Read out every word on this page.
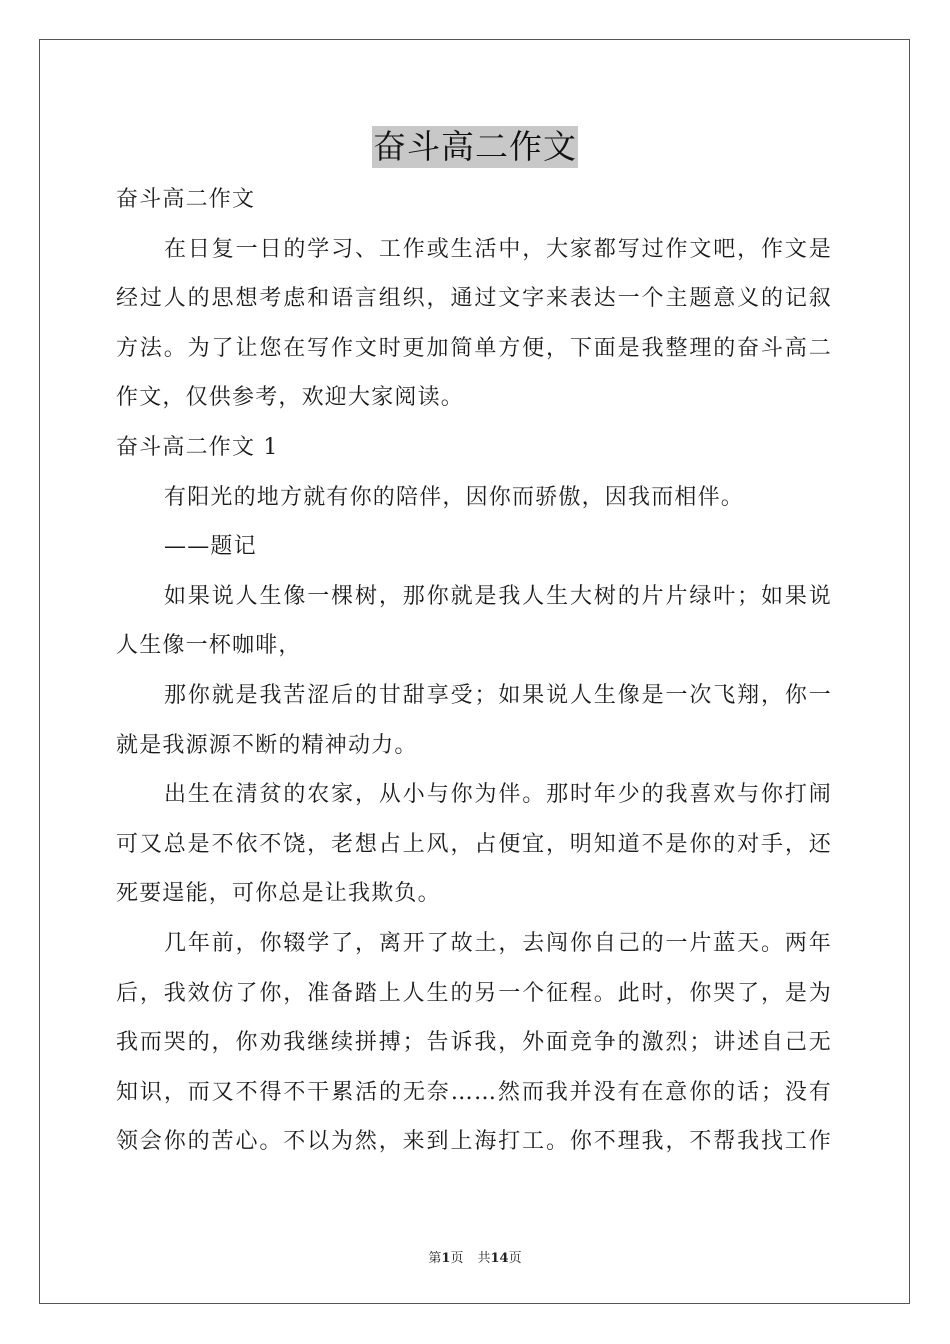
奋斗高二作文
奋斗高二作文
在日复一日的学习、工作或生活中，大家都写过作文吧，作文是
经过人的思想考虑和语言组织，通过文字来表达一个主题意义的记叙
方法。为了让您在写作文时更加简单方便，下面是我整理的奋斗高二
作文，仅供参考，欢迎大家阅读。
奋斗高二作文 1
有阳光的地方就有你的陪伴，因你而骄傲，因我而相伴。
——题记
如果说人生像一棵树，那你就是我人生大树的片片绿叶；如果说
人生像一杯咖啡，
那你就是我苦涩后的甘甜享受；如果说人生像是一次飞翔，你一
就是我源源不断的精神动力。
出生在清贫的农家，从小与你为伴。那时年少的我喜欢与你打闹
可又总是不依不饶，老想占上风，占便宜，明知道不是你的对手，还
死要逞能，可你总是让我欺负。
几年前，你辍学了，离开了故土，去闯你自己的一片蓝天。两年
后，我效仿了你，准备踏上人生的另一个征程。此时，你哭了，是为
我而哭的，你劝我继续拼搏；告诉我，外面竞争的激烈；讲述自己无
知识，而又不得不干累活的无奈……然而我并没有在意你的话；没有
领会你的苦心。不以为然，来到上海打工。你不理我，不帮我找工作
第1页 共14页
